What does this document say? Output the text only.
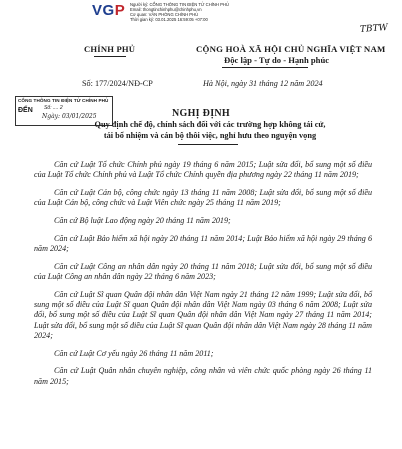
VGP Người ký: CỔNG THÔNG TIN ĐIỆN TỬ CHÍNH PHỦ
Email: thongtinchinhphu@chinhphu.vn
Cơ quan: VĂN PHÒNG CHÍNH PHỦ
Thời gian ký: 03.01.2025 16:59:05 +07:00
TBTW
CHÍNH PHỦ	CỘNG HOÀ XÃ HỘI CHỦ NGHĨA VIỆT NAM
Độc lập - Tự do - Hạnh phúc
Số: 177/2024/NĐ-CP	Hà Nội, ngày 31 tháng 12 năm 2024
CỔNG THÔNG TIN ĐIỆN TỬ CHÍNH PHỦ
ĐẾN Số: .... 2
Ngày: 03/01/2025	NGHỊ ĐỊNH
Quy định chế độ, chính sách đối với các trường hợp không tái cử,
tái bổ nhiệm và cán bộ thôi việc, nghỉ hưu theo nguyện vọng

Căn cứ Luật Tổ chức Chính phủ ngày 19 tháng 6 năm 2015; Luật sửa đổi, bổ sung một số điều của Luật Tổ chức Chính phủ và Luật Tổ chức Chính quyền địa phương ngày 22 tháng 11 năm 2019;

Căn cứ Luật Cán bộ, công chức ngày 13 tháng 11 năm 2008; Luật sửa đổi, bổ sung một số điều của Luật Cán bộ, công chức và Luật Viên chức ngày 25 tháng 11 năm 2019;

Căn cứ Bộ luật Lao động ngày 20 tháng 11 năm 2019;

Căn cứ Luật Bảo hiểm xã hội ngày 20 tháng 11 năm 2014; Luật Bảo hiểm xã hội ngày 29 tháng 6 năm 2024;

Căn cứ Luật Công an nhân dân ngày 20 tháng 11 năm 2018; Luật sửa đổi, bổ sung một số điều của Luật Công an nhân dân ngày 22 tháng 6 năm 2023;

Căn cứ Luật Sĩ quan Quân đội nhân dân Việt Nam ngày 21 tháng 12 năm 1999; Luật sửa đổi, bổ sung một số điều của Luật Sĩ quan Quân đội nhân dân Việt Nam ngày 03 tháng 6 năm 2008; Luật sửa đổi, bổ sung một số điều của Luật Sĩ quan Quân đội nhân dân Việt Nam ngày 27 tháng 11 năm 2014; Luật sửa đổi, bổ sung một số điều của Luật Sĩ quan Quân đội nhân dân Việt Nam ngày 28 tháng 11 năm 2024;

Căn cứ Luật Cơ yếu ngày 26 tháng 11 năm 2011;

Căn cứ Luật Quân nhân chuyên nghiệp, công nhân và viên chức quốc phòng ngày 26 tháng 11 năm 2015;
